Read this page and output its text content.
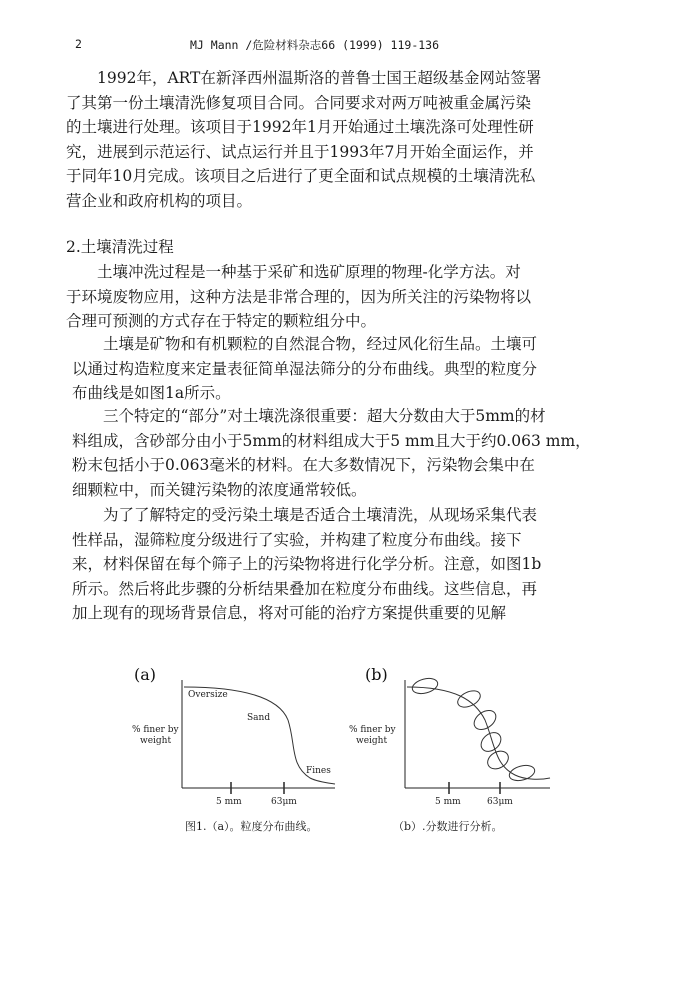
2	MJ Mann /危险材料杂志66 (1999) 119-136
　　1992年，ART在新泽西州温斯洛的普鲁士国王超级基金网站签署
了其第一份土壤清洗修复项目合同。合同要求对两万吨被重金属污染
的土壤进行处理。该项目于1992年1月开始通过土壤洗涤可处理性研
究，进展到示范运行、试点运行并且于1993年7月开始全面运作，并
于同年10月完成。该项目之后进行了更全面和试点规模的土壤清洗私
营企业和政府机构的项目。
2.土壤清洗过程
　　土壤冲洗过程是一种基于采矿和选矿原理的物理-化学方法。对
于环境废物应用，这种方法是非常合理的，因为所关注的污染物将以
合理可预测的方式存在于特定的颗粒组分中。
　　土壤是矿物和有机颗粒的自然混合物，经过风化衍生品。土壤可
以通过构造粒度来定量表征简单湿法筛分的分布曲线。典型的粒度分
布曲线是如图1a所示。
　　三个特定的“部分”对土壤洗涤很重要：超大分数由大于5mm的材
料组成，含砂部分由小于5mm的材料组成大于5 mm且大于约0.063 mm，
粉末包括小于0.063毫米的材料。在大多数情况下，污染物会集中在
细颗粒中，而关键污染物的浓度通常较低。
　　为了了解特定的受污染土壤是否适合土壤清洗，从现场采集代表
性样品，湿筛粒度分级进行了实验，并构建了粒度分布曲线。接下
来，材料保留在每个筛子上的污染物将进行化学分析。注意，如图1b
所示。然后将此步骤的分析结果叠加在粒度分布曲线。这些信息，再
加上现有的现场背景信息，将对可能的治疗方案提供重要的见解
(a)
Oversize
Sand
Fines
% finer by
weight
5 mm	63μm
(b)
% finer by
weight
5 mm	63μm
图1.（a）。粒度分布曲线。	（b）.分数进行分析。
